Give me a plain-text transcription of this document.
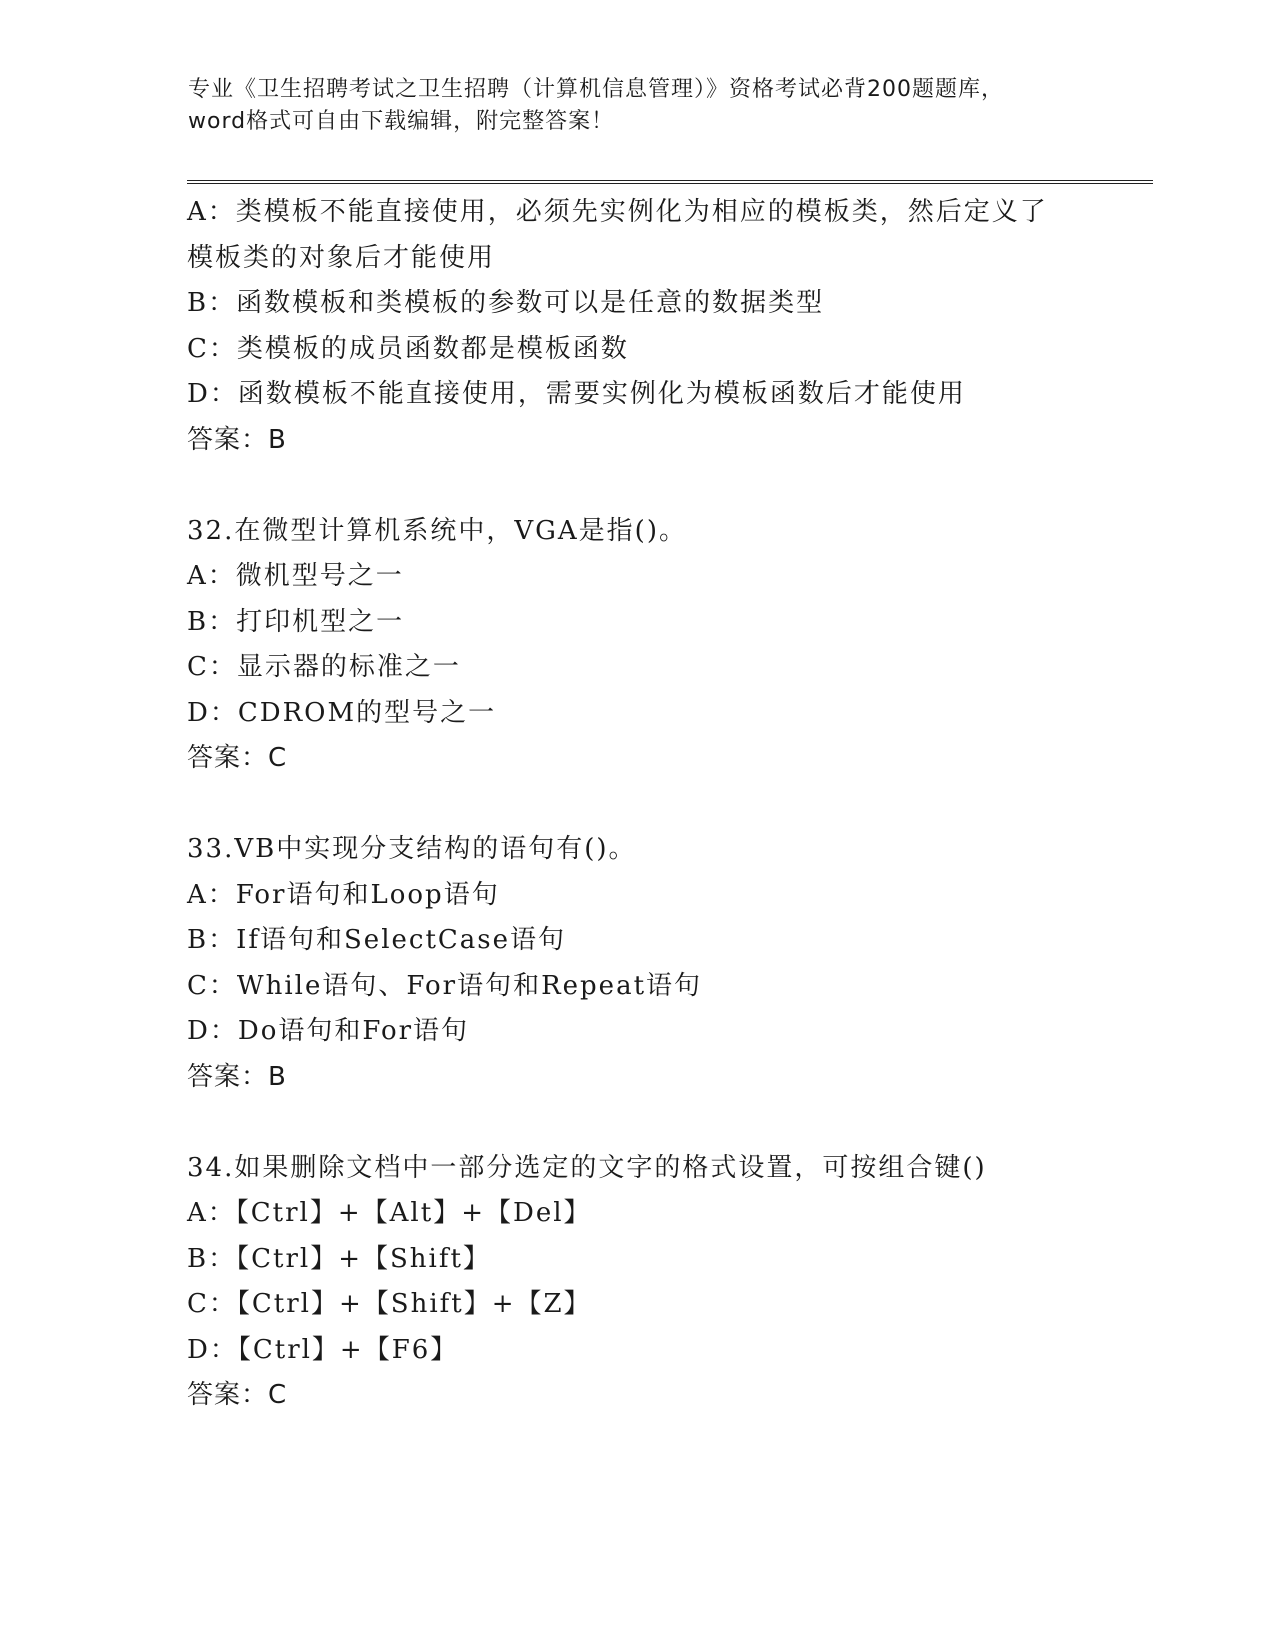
专业《卫生招聘考试之卫生招聘（计算机信息管理）》资格考试必背200题题库，
word格式可自由下载编辑，附完整答案！
A：类模板不能直接使用，必须先实例化为相应的模板类，然后定义了
模板类的对象后才能使用
B：函数模板和类模板的参数可以是任意的数据类型
C：类模板的成员函数都是模板函数
D：函数模板不能直接使用，需要实例化为模板函数后才能使用
答案：B
32.在微型计算机系统中，VGA是指()。
A：微机型号之一
B：打印机型之一
C：显示器的标准之一
D：CDROM的型号之一
答案：C
33.VB中实现分支结构的语句有()。
A：For语句和Loop语句
B：If语句和SelectCase语句
C：While语句、For语句和Repeat语句
D：Do语句和For语句
答案：B
34.如果删除文档中一部分选定的文字的格式设置，可按组合键()
A：【Ctrl】+【Alt】+【Del】
B：【Ctrl】+【Shift】
C：【Ctrl】+【Shift】+【Z】
D：【Ctrl】+【F6】
答案：C
